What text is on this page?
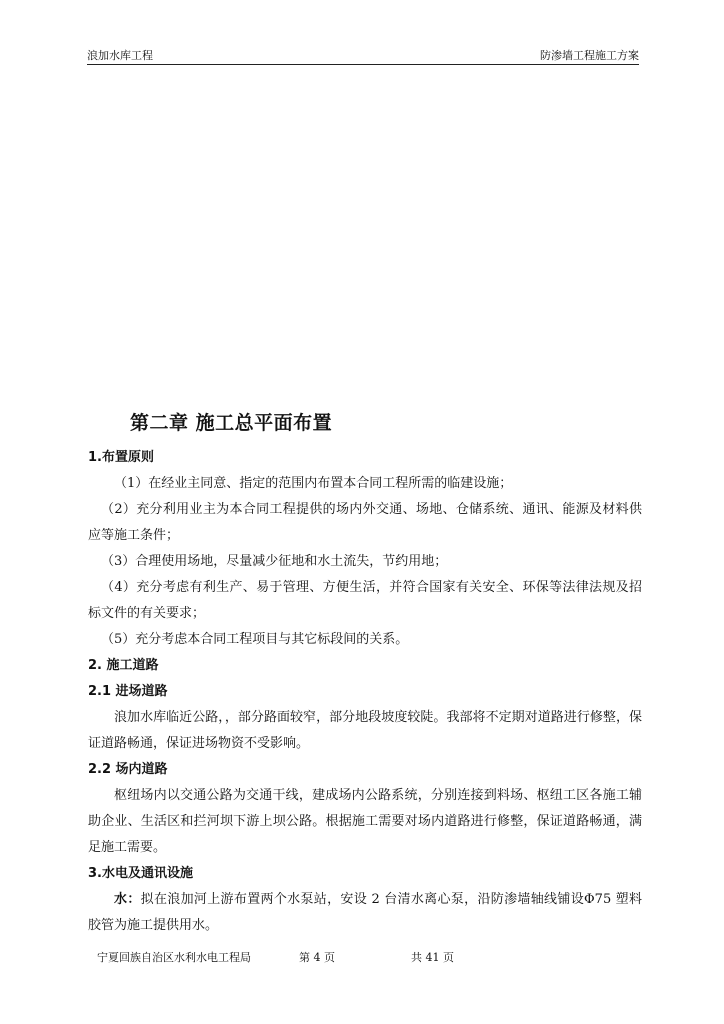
浪加水库工程	防渗墙工程施工方案
第二章 施工总平面布置
1.布置原则
（1）在经业主同意、指定的范围内布置本合同工程所需的临建设施；
（2）充分利用业主为本合同工程提供的场内外交通、场地、仓储系统、通讯、能源及材料供应等施工条件；
（3）合理使用场地，尽量减少征地和水土流失，节约用地；
（4）充分考虑有利生产、易于管理、方便生活，并符合国家有关安全、环保等法律法规及招标文件的有关要求；
（5）充分考虑本合同工程项目与其它标段间的关系。
2. 施工道路
2.1 进场道路
浪加水库临近公路，，部分路面较窄，部分地段坡度较陡。我部将不定期对道路进行修整，保证道路畅通，保证进场物资不受影响。
2.2 场内道路
枢纽场内以交通公路为交通干线，建成场内公路系统，分别连接到料场、枢纽工区各施工辅助企业、生活区和拦河坝下游上坝公路。根据施工需要对场内道路进行修整，保证道路畅通，满足施工需要。
3.水电及通讯设施
水：拟在浪加河上游布置两个水泵站，安设 2 台清水离心泵，沿防渗墙轴线铺设Φ75 塑料胶管为施工提供用水。
宁夏回族自治区水利水电工程局	第 4 页	共 41 页
